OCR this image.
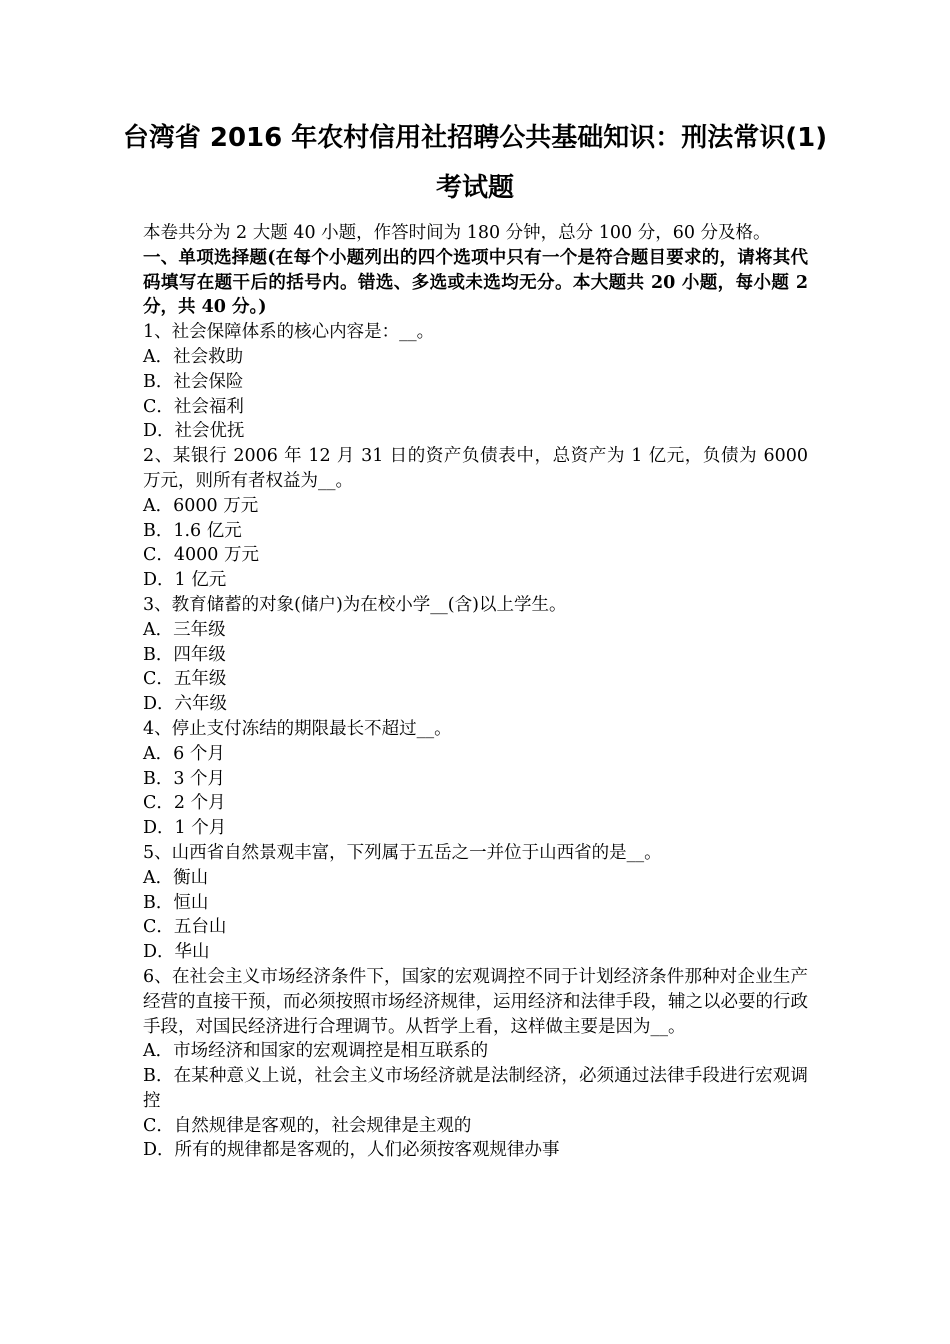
台湾省 2016 年农村信用社招聘公共基础知识：刑法常识(1)
考试题
本卷共分为 2 大题 40 小题，作答时间为 180 分钟，总分 100 分，60 分及格。
一、单项选择题(在每个小题列出的四个选项中只有一个是符合题目要求的，请将其代码填写在题干后的括号内。错选、多选或未选均无分。本大题共 20 小题，每小题 2 分，共 40 分。)
1、社会保障体系的核心内容是：__。
A．社会救助
B．社会保险
C．社会福利
D．社会优抚
2、某银行 2006 年 12 月 31 日的资产负债表中，总资产为 1 亿元，负债为 6000 万元，则所有者权益为__。
A．6000 万元
B．1.6 亿元
C．4000 万元
D．1 亿元
3、教育储蓄的对象(储户)为在校小学__(含)以上学生。
A．三年级
B．四年级
C．五年级
D．六年级
4、停止支付冻结的期限最长不超过__。
A．6 个月
B．3 个月
C．2 个月
D．1 个月
5、山西省自然景观丰富，下列属于五岳之一并位于山西省的是__。
A．衡山
B．恒山
C．五台山
D．华山
6、在社会主义市场经济条件下，国家的宏观调控不同于计划经济条件那种对企业生产经营的直接干预，而必须按照市场经济规律，运用经济和法律手段，辅之以必要的行政手段，对国民经济进行合理调节。从哲学上看，这样做主要是因为__。
A．市场经济和国家的宏观调控是相互联系的
B．在某种意义上说，社会主义市场经济就是法制经济，必须通过法律手段进行宏观调控
C．自然规律是客观的，社会规律是主观的
D．所有的规律都是客观的，人们必须按客观规律办事
